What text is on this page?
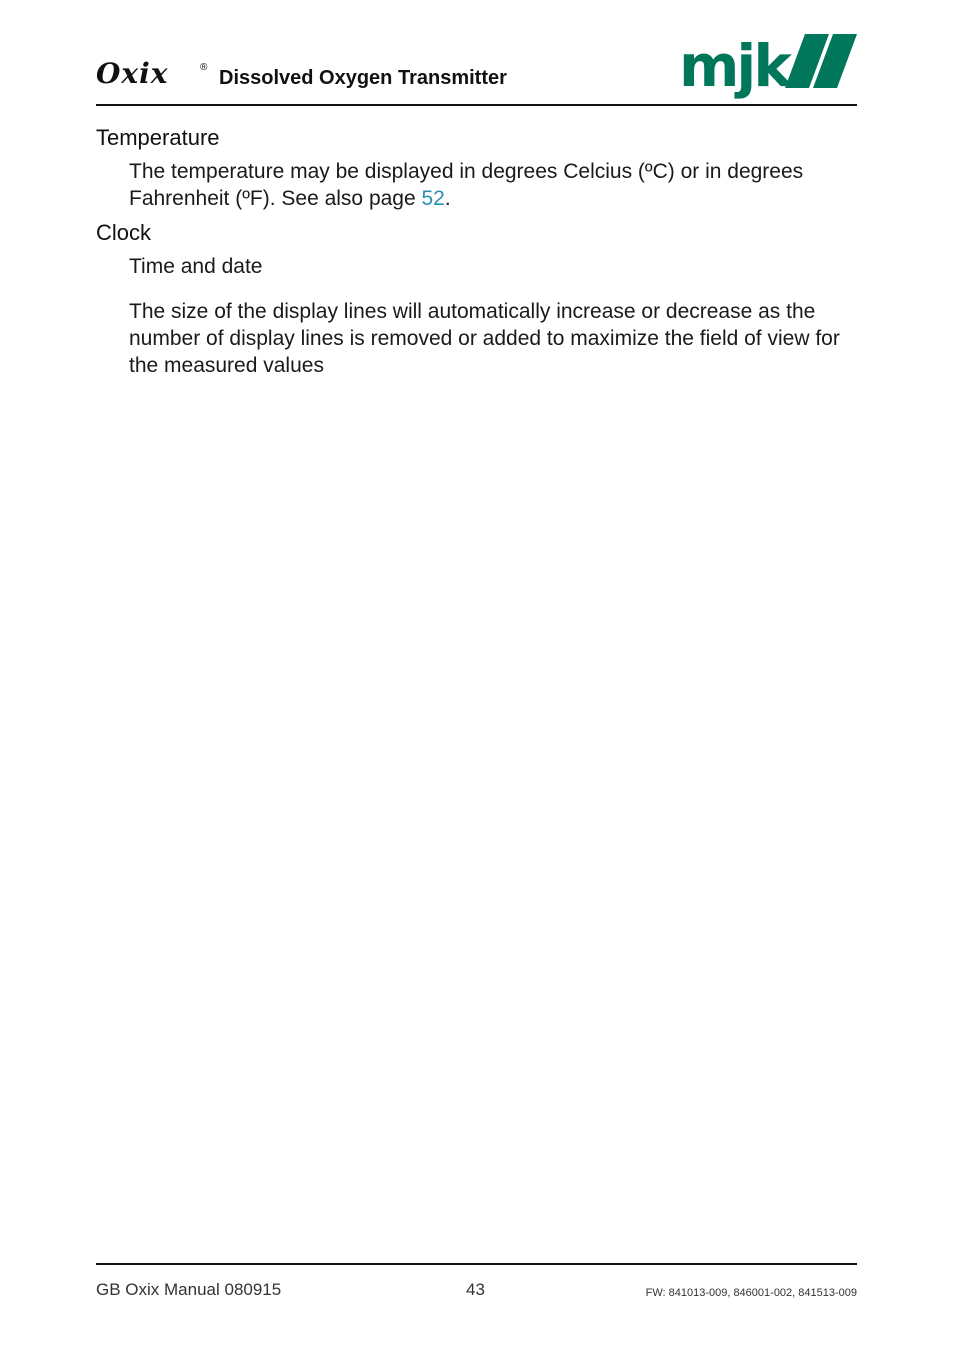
Oxix	® Dissolved Oxygen Transmitter	mjk
Temperature

The temperature may be displayed in degrees Celcius (ºC) or in degrees Fahrenheit (ºF). See also page 52.

Clock

Time and date

The size of the display lines will automatically increase or decrease as the number of display lines is removed or added to maximize the field of view for the measured values

GB Oxix Manual 080915	43	FW: 841013-009, 846001-002, 841513-009
